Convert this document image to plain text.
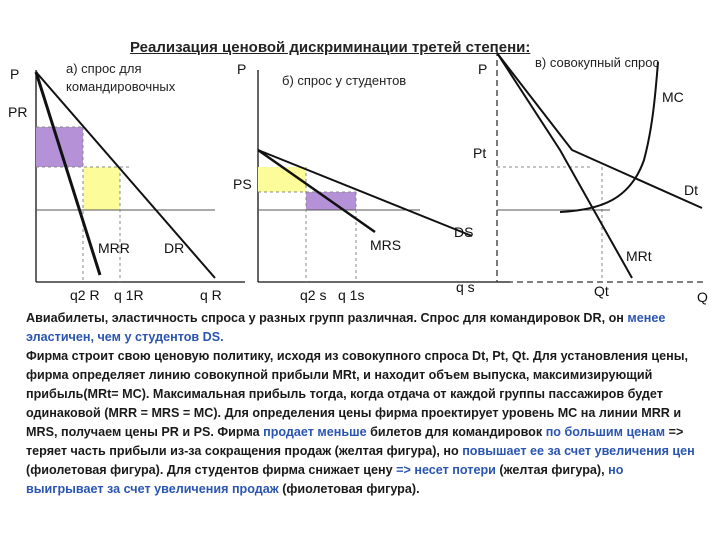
Реализация ценовой дискриминации третей степени:
а) спрос для
командировочных
P
PR
MRR DR
q2 R q 1R	q R
P
б) спрос у студентов
PS
MRS
DS
q2 s q 1s	q s
P	в) совокупный спрос
MC
Pt
Dt
MRt
Qt	Q

Авиабилеты, эластичность спроса у разных групп различная. Спрос для командировок DR, он менее эластичен, чем у студентов DS.

Фирма строит свою ценовую политику, исходя из совокупного спроса Dt, Pt, Qt. Для установления цены, фирма определяет линию совокупной прибыли MRt, и находит объем выпуска, максимизирующий прибыль(MRt= MC). Максимальная прибыль тогда, когда отдача от каждой группы пассажиров будет одинаковой (MRR = MRS = MC). Для определения цены фирма проектирует уровень MC на линии MRR и MRS, получаем цены PR и PS. Фирма продает меньше билетов для командировок по большим ценам => теряет часть прибыли из-за сокращения продаж (желтая фигура), но повышает ее за счет увеличения цен (фиолетовая фигура). Для студентов фирма снижает цену => несет потери (желтая фигура), но выигрывает за счет увеличения продаж (фиолетовая фигура).
